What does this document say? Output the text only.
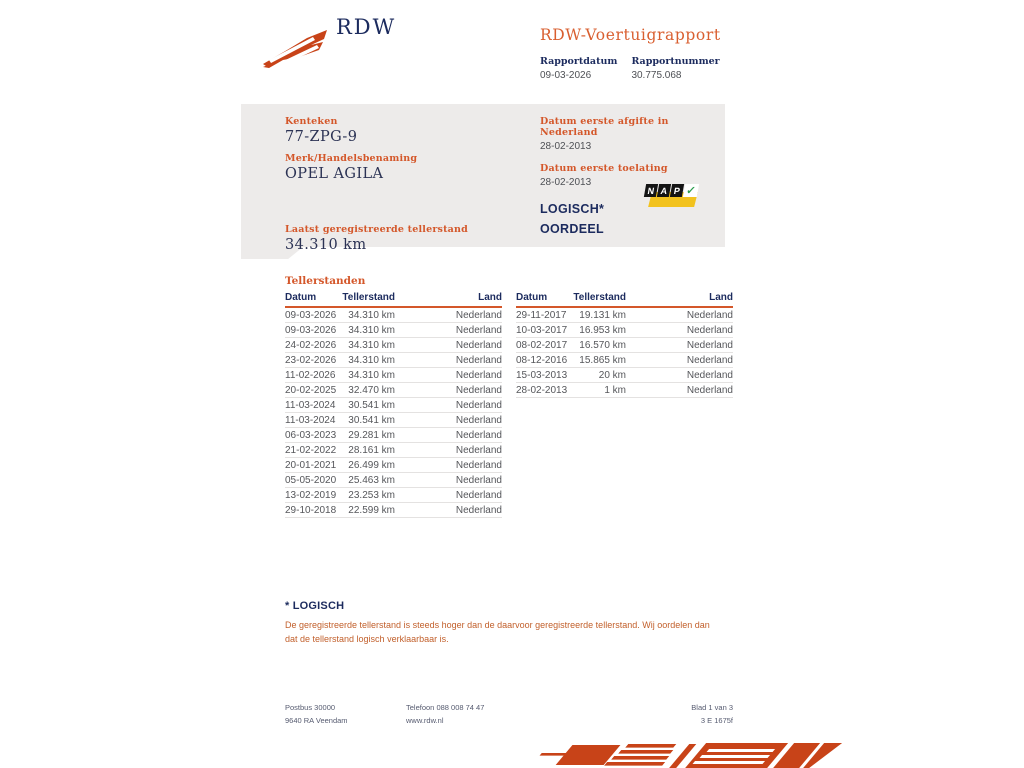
RDW	RDW-Voertuigrapport
Rapportdatum
09-03-2026
Rapportnummer
30.775.068
Kenteken
77-ZPG-9
Merk/Handelsbenaming
OPEL AGILA
Laatst geregistreerde tellerstand
34.310 km
Datum eerste afgifte in Nederland
28-02-2013
Datum eerste toelating
28-02-2013
LOGISCH*
OORDEEL
N A P ✓
Tellerstanden
Datum	Tellerstand	Land
09-03-2026	34.310 km	Nederland
09-03-2026	34.310 km	Nederland
24-02-2026	34.310 km	Nederland
23-02-2026	34.310 km	Nederland
11-02-2026	34.310 km	Nederland
20-02-2025	32.470 km	Nederland
11-03-2024	30.541 km	Nederland
11-03-2024	30.541 km	Nederland
06-03-2023	29.281 km	Nederland
21-02-2022	28.161 km	Nederland
20-01-2021	26.499 km	Nederland
05-05-2020	25.463 km	Nederland
13-02-2019	23.253 km	Nederland
29-10-2018	22.599 km	Nederland
Datum	Tellerstand	Land
29-11-2017	19.131 km	Nederland
10-03-2017	16.953 km	Nederland
08-02-2017	16.570 km	Nederland
08-12-2016	15.865 km	Nederland
15-03-2013	20 km	Nederland
28-02-2013	1 km	Nederland
* LOGISCH
De geregistreerde tellerstand is steeds hoger dan de daarvoor geregistreerde tellerstand. Wij oordelen dan dat de tellerstand logisch verklaarbaar is.
Postbus 30000
9640 RA Veendam
Telefoon 088 008 74 47
www.rdw.nl
Blad 1 van 3
3 E 1675f
